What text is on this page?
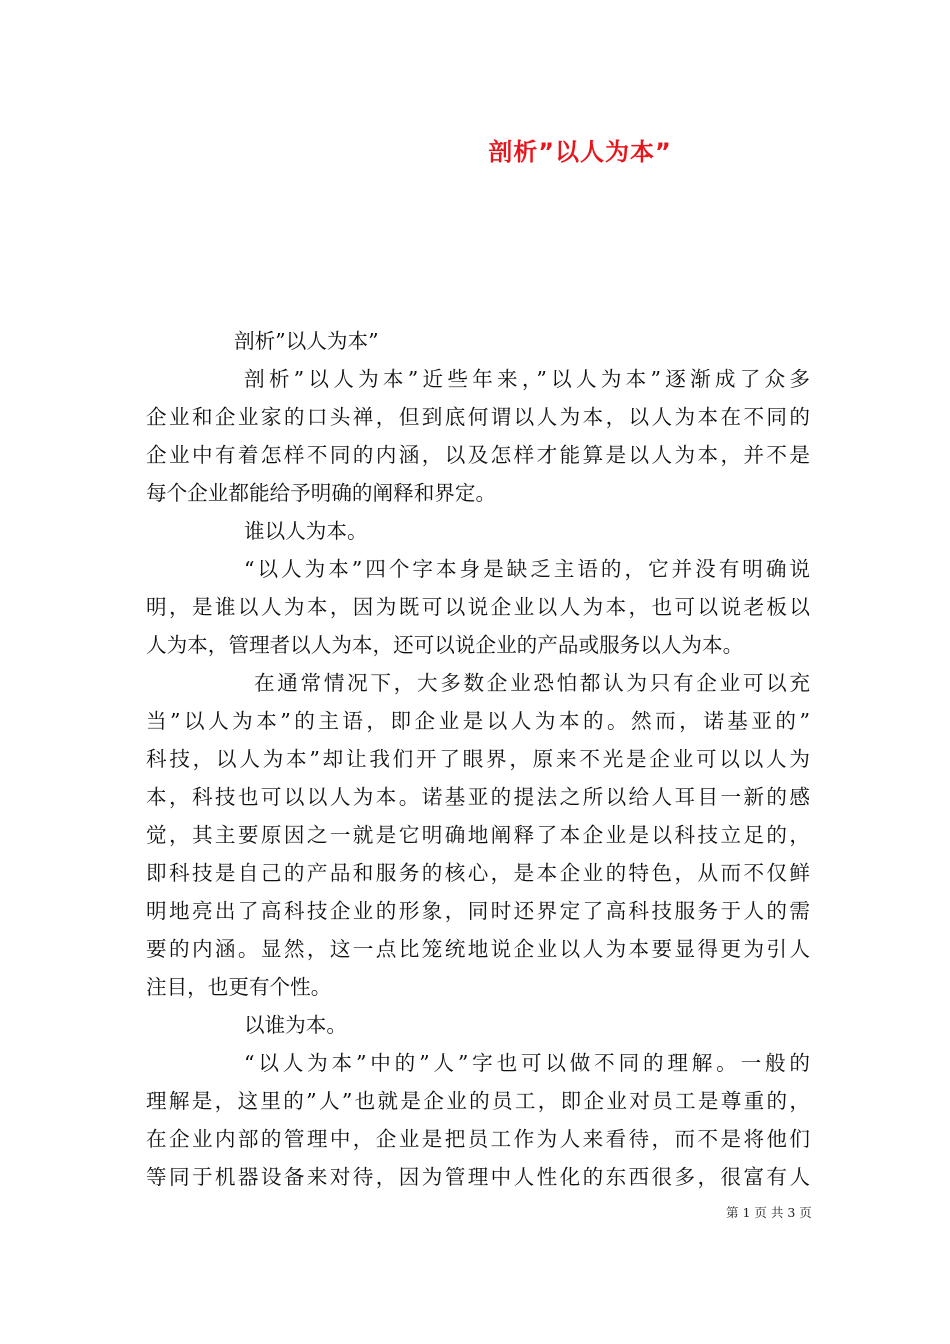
剖析”以人为本”
剖析”以人为本”
剖析”以人为本”近些年来，”以人为本”逐渐成了众多
企业和企业家的口头禅，但到底何谓以人为本，以人为本在不同的
企业中有着怎样不同的内涵，以及怎样才能算是以人为本，并不是
每个企业都能给予明确的阐释和界定。
谁以人为本。
“以人为本”四个字本身是缺乏主语的，它并没有明确说
明，是谁以人为本，因为既可以说企业以人为本，也可以说老板以
人为本，管理者以人为本，还可以说企业的产品或服务以人为本。
在通常情况下，大多数企业恐怕都认为只有企业可以充
当”以人为本”的主语，即企业是以人为本的。然而，诺基亚的”
科技，以人为本”却让我们开了眼界，原来不光是企业可以以人为
本，科技也可以以人为本。诺基亚的提法之所以给人耳目一新的感
觉，其主要原因之一就是它明确地阐释了本企业是以科技立足的，
即科技是自己的产品和服务的核心，是本企业的特色，从而不仅鲜
明地亮出了高科技企业的形象，同时还界定了高科技服务于人的需
要的内涵。显然，这一点比笼统地说企业以人为本要显得更为引人
注目，也更有个性。
以谁为本。
“以人为本”中的”人”字也可以做不同的理解。一般的
理解是，这里的”人”也就是企业的员工，即企业对员工是尊重的，
在企业内部的管理中，企业是把员工作为人来看待，而不是将他们
等同于机器设备来对待，因为管理中人性化的东西很多，很富有人
第 1 页 共 3 页
